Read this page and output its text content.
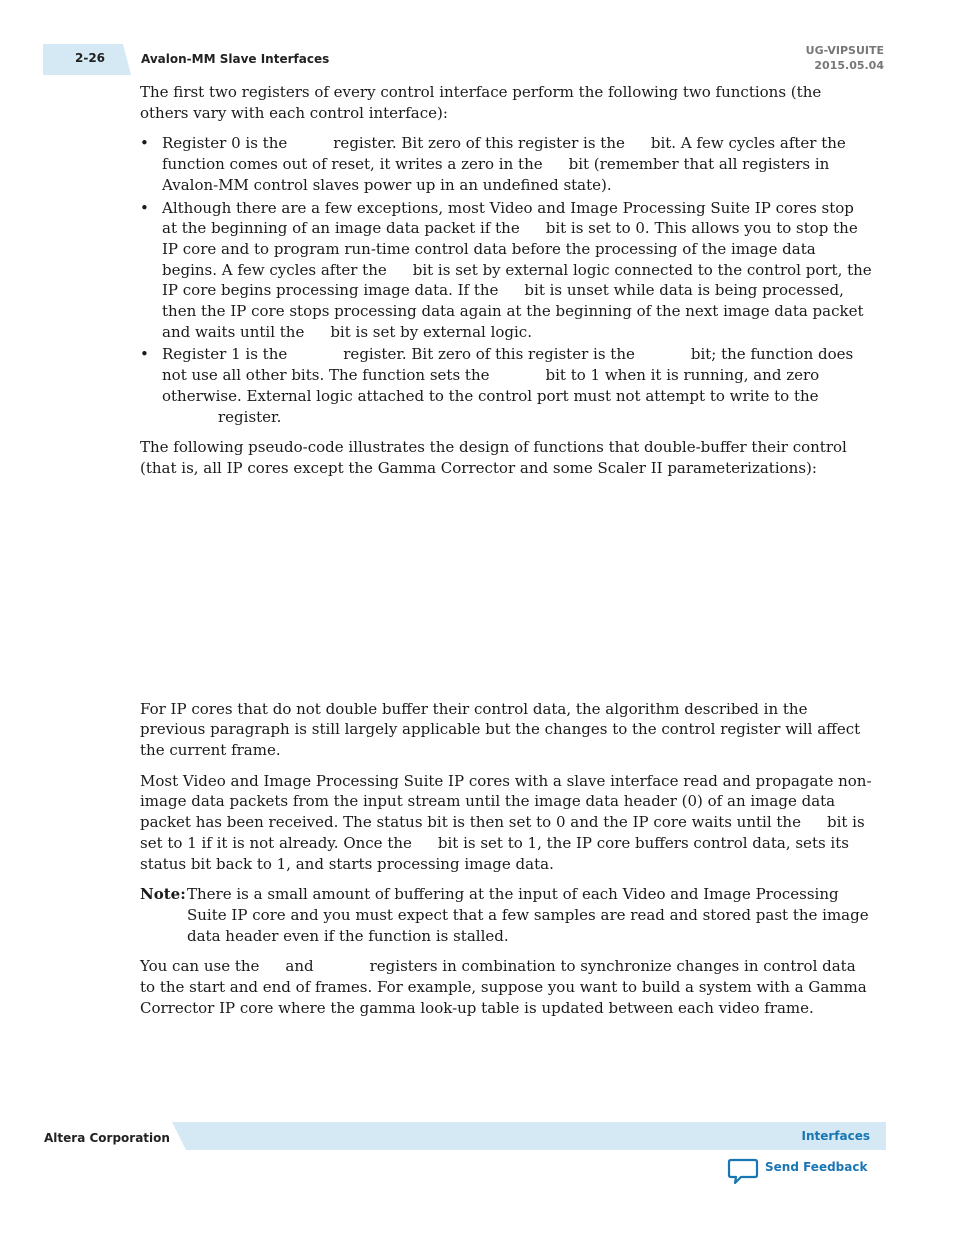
2-26	Avalon-MM Slave Interfaces
UG-VIPSUITE
2015.05.04

The first two registers of every control interface perform the following two functions (the others vary with each control interface):

• Register 0 is the	register. Bit zero of this register is the bit. A few cycles after the function comes out of reset, it writes a zero in the bit (remember that all registers in Avalon-MM control slaves power up in an undefined state).
• Although there are a few exceptions, most Video and Image Processing Suite IP cores stop at the beginning of an image data packet if the bit is set to 0. This allows you to stop the IP core and to program run-time control data before the processing of the image data begins. A few cycles after the bit is set by external logic connected to the control port, the IP core begins processing image data. If the bit is unset while data is being processed, then the IP core stops processing data again at the beginning of the next image data packet and waits until the bit is set by external logic.
• Register 1 is the	register. Bit zero of this register is the	bit; the function does not use all other bits. The function sets the	bit to 1 when it is running, and zero otherwise. External logic attached to the control port must not attempt to write to theregister.

The following pseudo-code illustrates the design of functions that double-buffer their control (that is, all IP cores except the Gamma Corrector and some Scaler II parameterizations):

For IP cores that do not double buffer their control data, the algorithm described in the previous paragraph is still largely applicable but the changes to the control register will affect the current frame.

Most Video and Image Processing Suite IP cores with a slave interface read and propagate non-image data packets from the input stream until the image data header (0) of an image data packet has been received. The status bit is then set to 0 and the IP core waits until the bit is set to 1 if it is not already. Once the bit is set to 1, the IP core buffers control data, sets its status bit back to 1, and starts processing image data.

Note: There is a small amount of buffering at the input of each Video and Image Processing Suite IP core and you must expect that a few samples are read and stored past the image data header even if the function is stalled.

You can use the and	registers in combination to synchronize changes in control data to the start and end of frames. For example, suppose you want to build a system with a Gamma Corrector IP core where the gamma look-up table is updated between each video frame.

Altera Corporation	Interfaces
Send Feedback
